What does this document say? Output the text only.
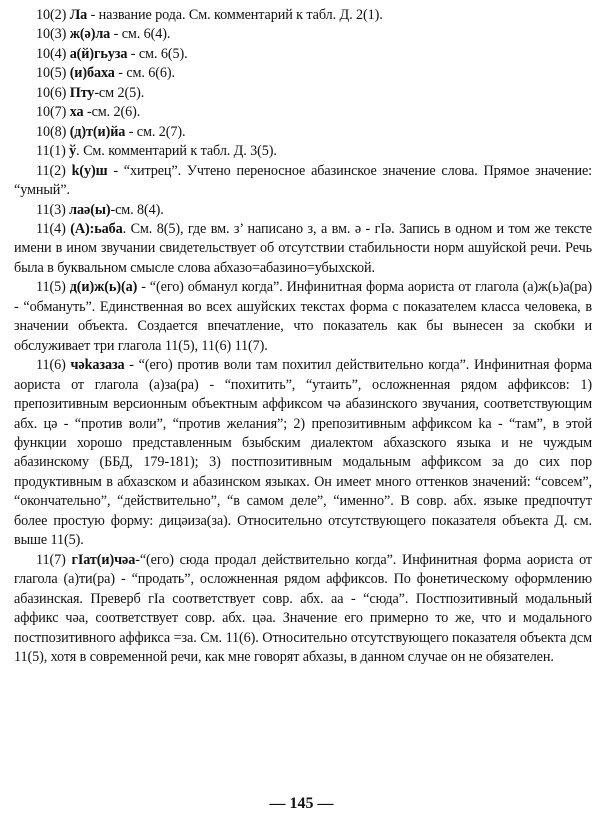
10(2) Ла - название рода. См. комментарий к табл. Д. 2(1).

10(3) ж(ә)ла - см. 6(4).

10(4) а(й)гьуза - см. 6(5).

10(5) (и)баха - см. 6(6).

10(6) Пту-см 2(5).

10(7) ха -см. 2(6).

10(8) (д)т(и)йа - см. 2(7).

11(1) ў. См. комментарий к табл. Д. 3(5).

11(2) k(у)ш - “хитрец”. Учтено переносное абазинское значение слова. Прямое значение: “умный”.

11(3) лаә(ы)-см. 8(4).

11(4) (А):ьаба. См. 8(5), где вм. з’ написано з, а вм. ә - гІә. Запись в одном и том же тексте имени в ином звучании свидетельствует об отсутствии стабильности норм ашуйской речи. Речь была в буквальном смысле слова абхазо=абазино=убыхской.

11(5) д(и)ж(ь)(а) - “(его) обманул когда”. Инфинитная форма аориста от глагола (а)ж(ь)а(ра) - “обмануть”. Единственная во всех ашуйских текстах форма с показателем класса человека, в значении объекта. Создается впечатление, что показатель как бы вынесен за скобки и обслуживает три глагола 11(5), 11(6) 11(7).

11(6) чәkазаза - “(его) против воли там похитил действительно когда”. Инфинитная форма аориста от глагола (а)за(ра) - “похитить”, “утаить”, осложненная рядом аффиксов: 1) препозитивным версионным объектным аффиксом чә абазинского звучания, соответствующим абх. цә - “против воли”, “против желания”; 2) препозитивным аффиксом ka - “там”, в этой функции хорошо представленным бзыбским диалектом абхазского языка и не чуждым абазинскому (ББД, 179-181); 3) постпозитивным модальным аффиксом за до сих пор продуктивным в абхазском и абазинском языках. Он имеет много оттенков значений: “совсем”, “окончательно”, “действительно”, “в самом деле”, “именно”. В совр. абх. языке предпочтут более простую форму: дицәиза(за). Относительно отсутствующего показателя объекта Д. см. выше 11(5).

11(7) гІат(и)чәа-“(его) сюда продал действительно когда”. Инфинитная форма аориста от глагола (а)ти(ра) - “продать”, осложненная рядом аффиксов. По фонетическому оформлению абазинская. Преверб гІа соответствует совр. абх. аа - “сюда”. Постпозитивный модальный аффикс чәа, соответствует совр. абх. цәа. Значение его примерно то же, что и модального постпозитивного аффикса =за. См. 11(6). Относительно отсутствующего показателя объекта дсм 11(5), хотя в современной речи, как мне говорят абхазы, в данном случае он не обязателен.

— 145 —
